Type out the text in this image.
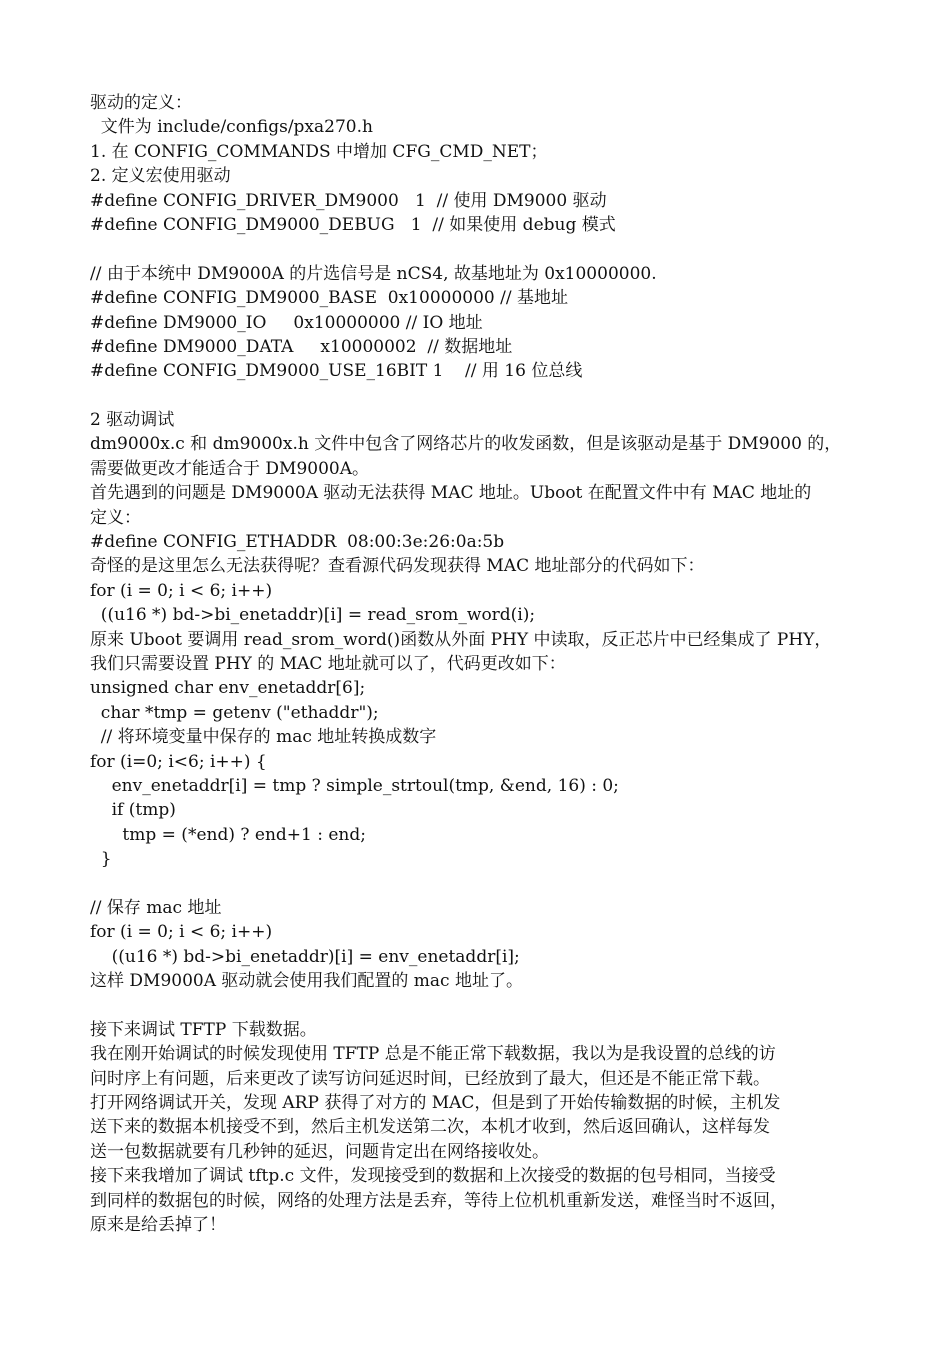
驱动的定义：
文件为 include/configs/pxa270.h
1. 在 CONFIG_COMMANDS 中增加 CFG_CMD_NET；
2. 定义宏使用驱动
#define CONFIG_DRIVER_DM9000   1  // 使用 DM9000 驱动
#define CONFIG_DM9000_DEBUG   1  // 如果使用 debug 模式
// 由于本统中 DM9000A 的片选信号是 nCS4, 故基地址为 0x10000000.
#define CONFIG_DM9000_BASE  0x10000000 // 基地址
#define DM9000_IO     0x10000000 // IO 地址
#define DM9000_DATA     x10000002  // 数据地址
#define CONFIG_DM9000_USE_16BIT 1    // 用 16 位总线
2 驱动调试
dm9000x.c 和 dm9000x.h 文件中包含了网络芯片的收发函数，但是该驱动是基于 DM9000 的，
需要做更改才能适合于 DM9000A。
首先遇到的问题是 DM9000A 驱动无法获得 MAC 地址。Uboot 在配置文件中有 MAC 地址的
定义：
#define CONFIG_ETHADDR  08:00:3e:26:0a:5b
奇怪的是这里怎么无法获得呢？查看源代码发现获得 MAC 地址部分的代码如下：
for (i = 0; i < 6; i++)
((u16 *) bd->bi_enetaddr)[i] = read_srom_word(i);
原来 Uboot 要调用 read_srom_word()函数从外面 PHY 中读取，反正芯片中已经集成了 PHY，
我们只需要设置 PHY 的 MAC 地址就可以了，代码更改如下：
unsigned char env_enetaddr[6];
char *tmp = getenv ("ethaddr");
// 将环境变量中保存的 mac 地址转换成数字
for (i=0; i<6; i++) {
env_enetaddr[i] = tmp ? simple_strtoul(tmp, &end, 16) : 0;
if (tmp)
tmp = (*end) ? end+1 : end;
}
// 保存 mac 地址
for (i = 0; i < 6; i++)
((u16 *) bd->bi_enetaddr)[i] = env_enetaddr[i];
这样 DM9000A 驱动就会使用我们配置的 mac 地址了。
接下来调试 TFTP 下载数据。
我在刚开始调试的时候发现使用 TFTP 总是不能正常下载数据，我以为是我设置的总线的访
问时序上有问题，后来更改了读写访问延迟时间，已经放到了最大，但还是不能正常下载。
打开网络调试开关，发现 ARP 获得了对方的 MAC，但是到了开始传输数据的时候，主机发
送下来的数据本机接受不到，然后主机发送第二次，本机才收到，然后返回确认，这样每发
送一包数据就要有几秒钟的延迟，问题肯定出在网络接收处。
接下来我增加了调试 tftp.c 文件，发现接受到的数据和上次接受的数据的包号相同，当接受
到同样的数据包的时候，网络的处理方法是丢弃，等待上位机机重新发送，难怪当时不返回，
原来是给丢掉了！
